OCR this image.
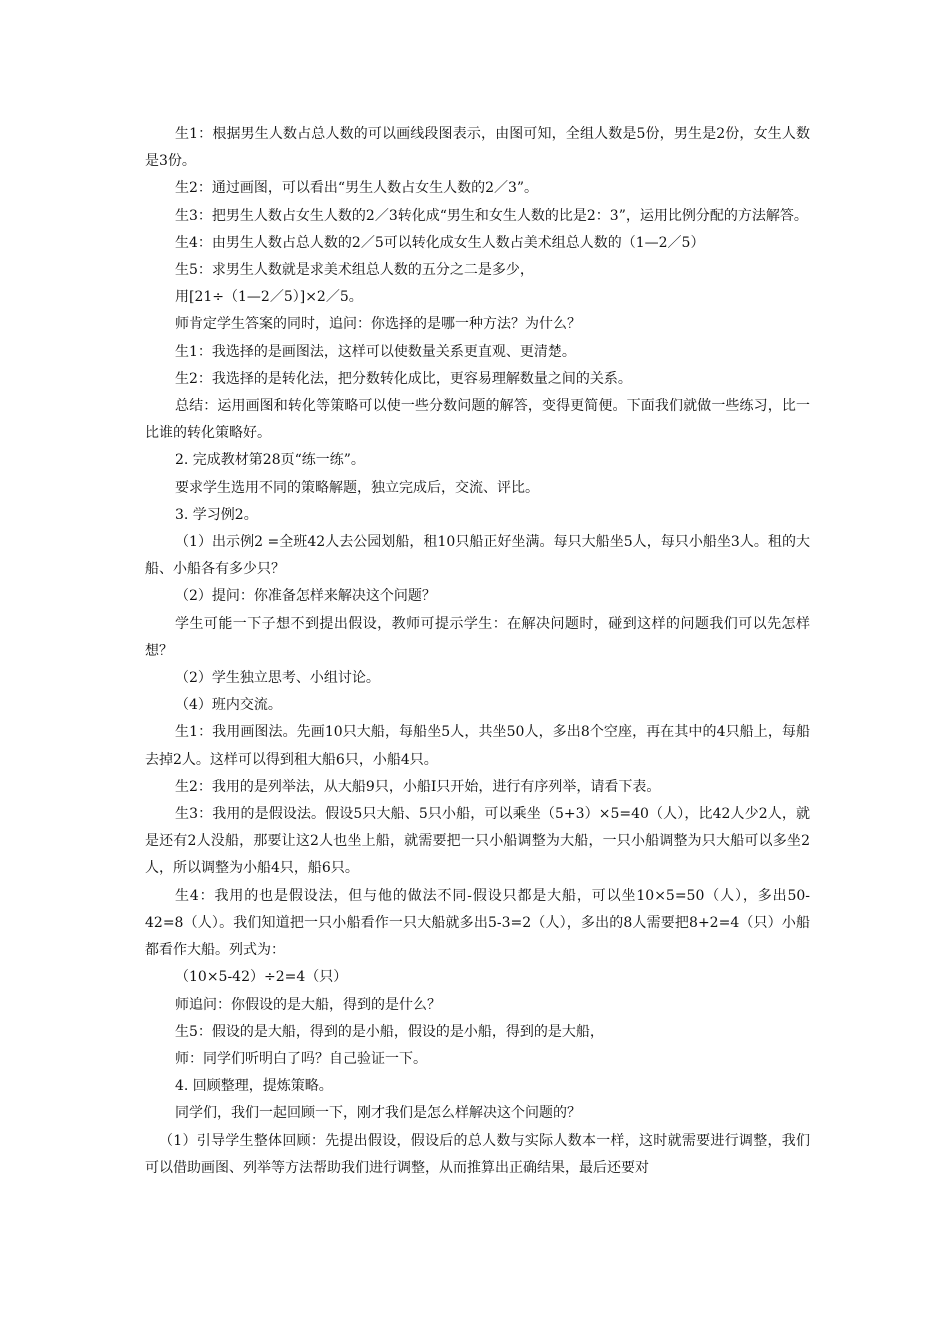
生1：根据男生人数占总人数的可以画线段图表示，由图可知，全组人数是5份，男生是2份，女生人数是3份。

生2：通过画图，可以看出“男生人数占女生人数的2／3”。

生3：把男生人数占女生人数的2／3转化成“男生和女生人数的比是2：3”，运用比例分配的方法解答。

生4：由男生人数占总人数的2／5可以转化成女生人数占美术组总人数的（1—2／5）

生5：求男生人数就是求美术组总人数的五分之二是多少，

用[21÷（1—2／5）]×2／5。

师肯定学生答案的同时，追问：你选择的是哪一种方法？为什么？

生1：我选择的是画图法，这样可以使数量关系更直观、更清楚。

生2：我选择的是转化法，把分数转化成比，更容易理解数量之间的关系。

总结：运用画图和转化等策略可以使一些分数问题的解答，变得更简便。下面我们就做一些练习，比一比谁的转化策略好。

2. 完成教材第28页“练一练”。

要求学生选用不同的策略解题，独立完成后，交流、评比。

3. 学习例2。

（1）出示例2 =全班42人去公园划船，租10只船正好坐满。每只大船坐5人，每只小船坐3人。租的大船、小船各有多少只？

（2）提问：你准备怎样来解决这个问题？

学生可能一下子想不到提出假设，教师可提示学生：在解决问题时，碰到这样的问题我们可以先怎样想？

（2）学生独立思考、小组讨论。

（4）班内交流。

生1：我用画图法。先画10只大船，每船坐5人，共坐50人，多出8个空座，再在其中的4只船上，每船去掉2人。这样可以得到租大船6只，小船4只。

生2：我用的是列举法，从大船9只，小船I只开始，进行有序列举，请看下表。

生3：我用的是假设法。假设5只大船、5只小船，可以乘坐（5+3）×5=40（人），比42人少2人，就是还有2人没船，那要让这2人也坐上船，就需要把一只小船调整为大船，一只小船调整为只大船可以多坐2人，所以调整为小船4只，船6只。

生4：我用的也是假设法，但与他的做法不同-假设只都是大船，可以坐10×5=50（人），多出50-42=8（人）。我们知道把一只小船看作一只大船就多出5-3=2（人），多出的8人需要把8+2=4（只）小船都看作大船。列式为：

（10×5-42）÷2=4（只）

师追问：你假设的是大船，得到的是什么？

生5：假设的是大船，得到的是小船，假设的是小船，得到的是大船，

师：同学们听明白了吗？自己验证一下。

4. 回顾整理，提炼策略。

同学们，我们一起回顾一下，刚才我们是怎么样解决这个问题的？

（1）引导学生整体回顾：先提出假设，假设后的总人数与实际人数本一样，这时就需要进行调整，我们可以借助画图、列举等方法帮助我们进行调整，从而推算出正确结果，最后还要对
